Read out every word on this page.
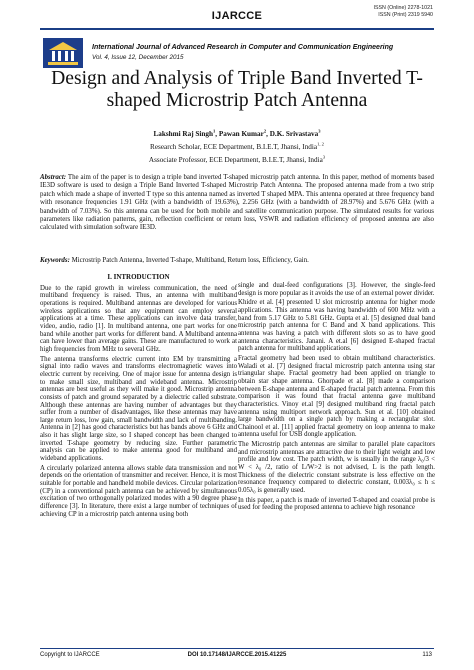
IJARCCE
ISSN (Online) 2278-1021
ISSN (Print) 2319 5940
International Journal of Advanced Research in Computer and Communication Engineering
Vol. 4, Issue 12, December 2015
Design and Analysis of Triple Band Inverted T-shaped Microstrip Patch Antenna
Lakshmi Raj Singh$^1$, Pawan Kumar$^2$, D.K. Srivastava$^3$
Research Scholar, ECE Department, B.I.E.T, Jhansi, India$^{1, 2}$
Associate Professor, ECE Department, B.I.E.T, Jhansi, India$^3$
Abstract: The aim of the paper is to design a triple band inverted T-shaped microstrip patch antenna. In this paper, method of moments based IE3D software is used to design a Triple Band Inverted T-shaped Microstrip Patch Antenna. The proposed antenna made from a two strip patch which made a shape of inverted T type so this antenna named as inverted T shaped MPA. This antenna operated at three frequency band with resonance frequencies 1.91 GHz (with a bandwidth of 19.63%), 2.256 GHz (with a bandwidth of 28.97%) and 5.676 GHz (with a bandwidth of 7.03%). So this antenna can be used for both mobile and satellite communication purpose. The simulated results for various parameters like radiation patterns, gain, reflection coefficient or return loss, VSWR and radiation efficiency of proposed antenna are also calculated with simulation software IE3D.
Keywords: Microstrip Patch Antenna, Inverted T-shape, Multiband, Return loss, Efficiency, Gain.

I. INTRODUCTION

Due to the rapid growth in wireless communication, the need of multiband frequency is raised. Thus, an antenna with multiband operations is required. Multiband antennas are developed for various wireless applications so that any equipment can employ several applications at a time. These applications can involve data transfer, video, audio, radio [1]. In multiband antenna, one part works for one band while another part works for different band. A Multiband antenna can have lower than average gains. These are manufactured to work at high frequencies from MHz to several GHz.

The antenna transforms electric current into EM by transmitting a signal into radio waves and transforms electromagnetic waves into electric current by receiving. One of major issue for antenna design is to make small size, multiband and wideband antenna. Microstrip antennas are best useful as they will make it good. Microstrip antenna consists of patch and ground separated by a dielectric called substrate. Although these antennas are having number of advantages but they suffer from a number of disadvantages, like these antennas may have large return loss, low gain, small bandwidth and lack of multibanding. Antenna in [2] has good characteristics but has bands above 6 GHz and also it has slight large size, so I shaped concept has been changed to inverted T-shape geometry by reducing size. Further parametric analysis can be applied to make antenna good for multiband and wideband applications.

A circularly polarized antenna allows stable data transmission and not depends on the orientation of transmitter and receiver. Hence, it is most suitable for portable and handheld mobile devices. Circular polarization (CP) in a conventional patch antenna can be achieved by simultaneous excitation of two orthogonally polarized modes with a 90 degree phase difference [3]. In literature, there exist a large number of techniques of achieving CP in a microstrip patch antenna using both

single and dual-feed configurations [3]. However, the single-feed design is more popular as it avoids the use of an external power divider.

Khidre et al. [4] presented U slot microstrip antenna for higher mode applications. This antenna was having bandwidth of 600 MHz with a band from 5.17 GHz to 5.81 GHz. Gupta et al. [5] designed dual band microstrip patch antenna for C Band and X band applications. This antenna was having a patch with different slots so as to have good antenna characteristics. Janani. A et.al [6] designed E-shaped fractal patch antenna for multiband applications.

Fractal geometry had been used to obtain multiband characteristics. Waladi et al. [7] designed fractal microstrip patch antenna using star triangular shape. Fractal geometry had been applied on triangle to obtain star shape antenna. Ghorpade et al. [8] made a comparison between E-shape antenna and E-shaped fractal patch antenna. From this comparison it was found that fractal antenna gave multiband characteristics. Vinoy et.al [9] designed multiband ring fractal patch antenna using multiport network approach. Sun et al. [10] obtained large bandwidth on a single patch by making a rectangular slot. Chainool et al. [11] applied fractal geometry on loop antenna to make antenna useful for USB dongle application.

The Microstrip patch antennas are similar to parallel plate capacitors and microstrip antennas are attractive due to their light weight and low profile and low cost. The patch width, w is usually in the range λ₀/3 < W < λ₀ /2, ratio of L/W>2 is not advised, L is the path length. Thickness of the dielectric constant substrate is less effective on the resonance frequency compared to dielectric constant, 0.003λ₀ ≤ h ≤ 0.05λ₀ is generally used.

In this paper, a patch is made of inverted T-shaped and coaxial probe is used for feeding the proposed antenna to achieve high resonance

Copyright to IJARCCE	DOI 10.17148/IJARCCE.2015.41225	113
